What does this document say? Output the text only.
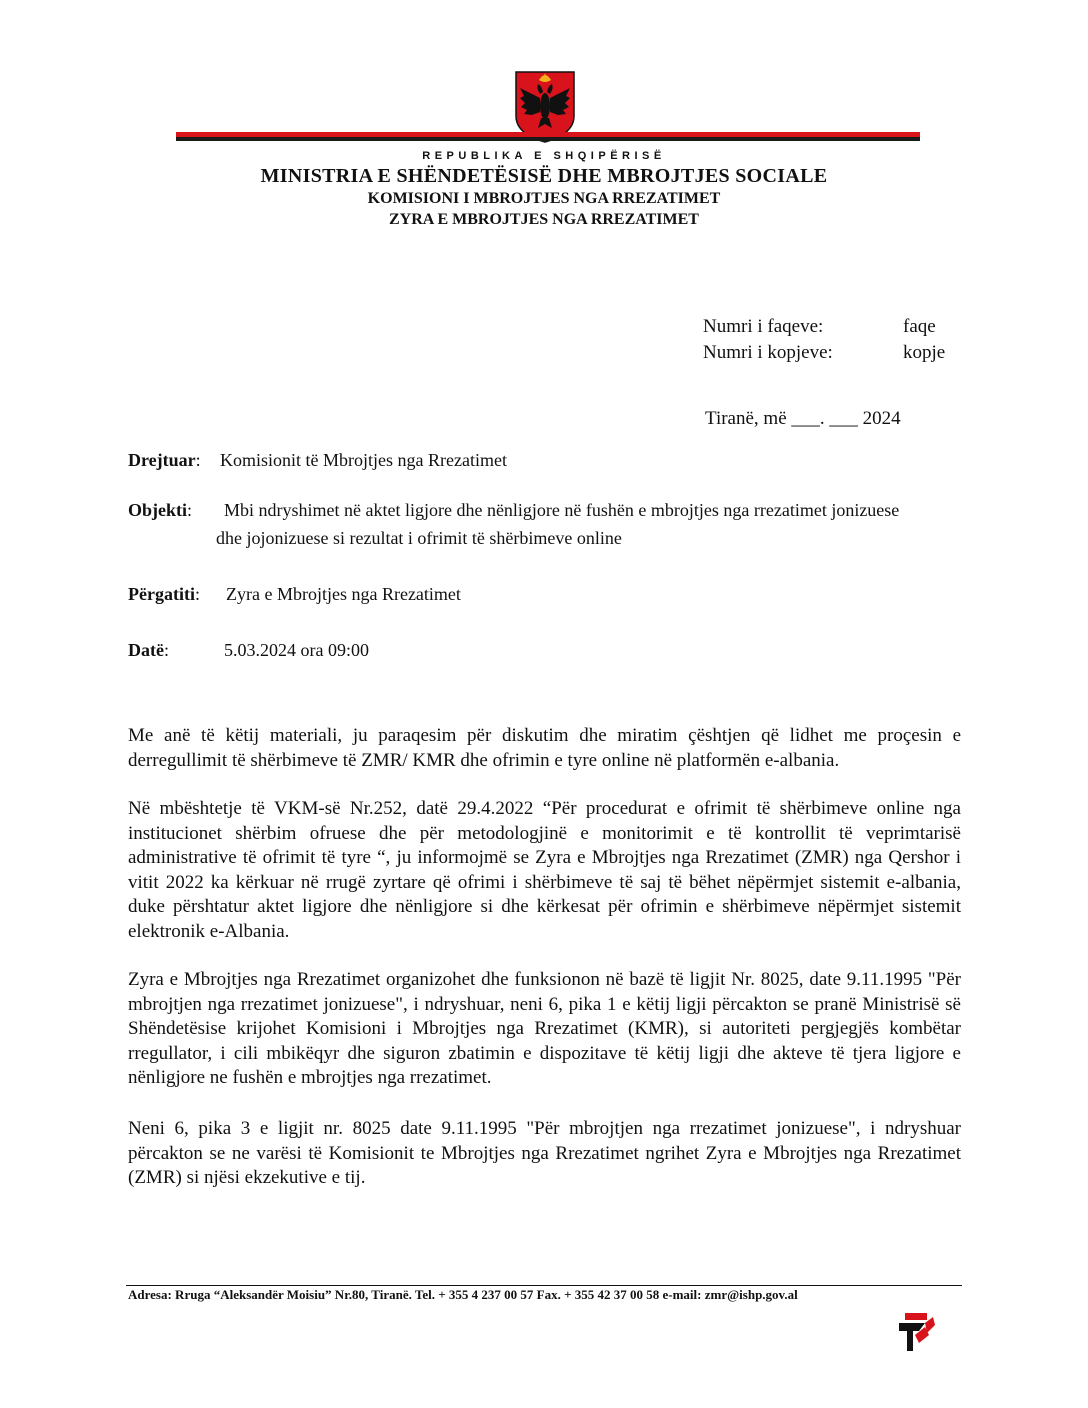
REPUBLIKA E SHQIPËRISË
MINISTRIA E SHËNDETËSISË DHE MBROJTJES SOCIALE
KOMISIONI I MBROJTJES NGA RREZATIMET
ZYRA E MBROJTJES NGA RREZATIMET
Numri i faqeve:	faqe
Numri i kopjeve:	kopje
Tiranë, më ___. ___ 2024
Drejtuar: Komisionit të Mbrojtjes nga Rrezatimet
Objekti: Mbi ndryshimet në aktet ligjore dhe nënligjore në fushën e mbrojtjes nga rrezatimet jonizuese
dhe jojonizuese si rezultat i ofrimit të shërbimeve online
Përgatiti: Zyra e Mbrojtjes nga Rrezatimet
Datë:	5.03.2024 ora 09:00
Me anë të këtij materiali, ju paraqesim për diskutim dhe miratim çështjen që lidhet me proçesin e derregullimit të shërbimeve të ZMR/ KMR dhe ofrimin e tyre online në platformën e-albania.
Në mbështetje të VKM-së Nr.252, datë 29.4.2022 “Për procedurat e ofrimit të shërbimeve online nga institucionet shërbim ofruese dhe për metodologjinë e monitorimit e të kontrollit të veprimtarisë administrative të ofrimit të tyre “, ju informojmë se Zyra e Mbrojtjes nga Rrezatimet (ZMR) nga Qershor i vitit 2022 ka kërkuar në rrugë zyrtare që ofrimi i shërbimeve të saj të bëhet nëpërmjet sistemit e-albania, duke përshtatur aktet ligjore dhe nënligjore si dhe kërkesat për ofrimin e shërbimeve nëpërmjet sistemit elektronik e-Albania.
Zyra e Mbrojtjes nga Rrezatimet organizohet dhe funksionon në bazë të ligjit Nr. 8025, date 9.11.1995 "Për mbrojtjen nga rrezatimet jonizuese", i ndryshuar, neni 6, pika 1 e këtij ligji përcakton se pranë Ministrisë së Shëndetësise krijohet Komisioni i Mbrojtjes nga Rrezatimet (KMR), si autoriteti pergjegjës kombëtar rregullator, i cili mbikëqyr dhe siguron zbatimin e dispozitave të këtij ligji dhe akteve të tjera ligjore e nënligjore ne fushën e mbrojtjes nga rrezatimet.
Neni 6, pika 3 e ligjit nr. 8025 date 9.11.1995 "Për mbrojtjen nga rrezatimet jonizuese", i ndryshuar përcakton se ne varësi të Komisionit te Mbrojtjes nga Rrezatimet ngrihet Zyra e Mbrojtjes nga Rrezatimet (ZMR) si njësi ekzekutive e tij.
Adresa: Rruga “Aleksandër Moisiu” Nr.80, Tiranë. Tel. + 355 4 237 00 57 Fax. + 355 42 37 00 58 e-mail: zmr@ishp.gov.al
